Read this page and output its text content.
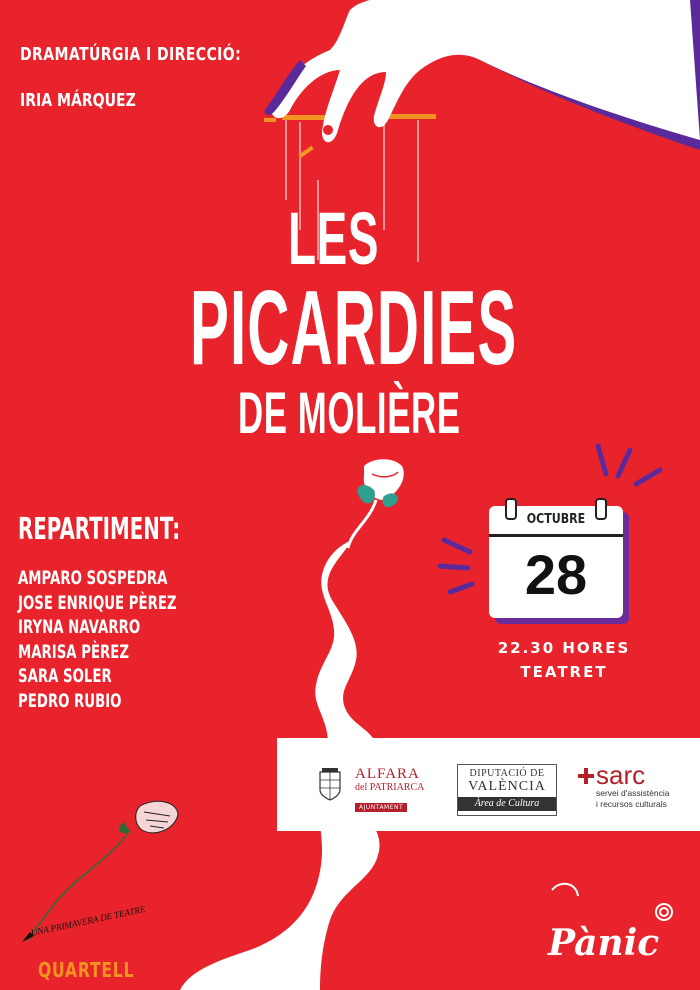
DRAMATÚRGIA I DIRECCIÓ:
IRIA MÁRQUEZ
LES
PICARDIES
DE MOLIÈRE
REPARTIMENT:
AMPARO SOSPEDRA
JOSE ENRIQUE PÈREZ
IRYNA NAVARRO
MARISA PÈREZ
SARA SOLER
PEDRO RUBIO
OCTUBRE
28
22.30 HORES
TEATRET
ALFARA
del PATRIARCA
AJUNTAMENT
DIPUTACIÓ DE
VALÈNCIA
Àrea de Cultura
sarc
servei d'assistència
i recursos culturals
UNA PRIMAVERA DE TEATRE
QUARTELL
Pànic
